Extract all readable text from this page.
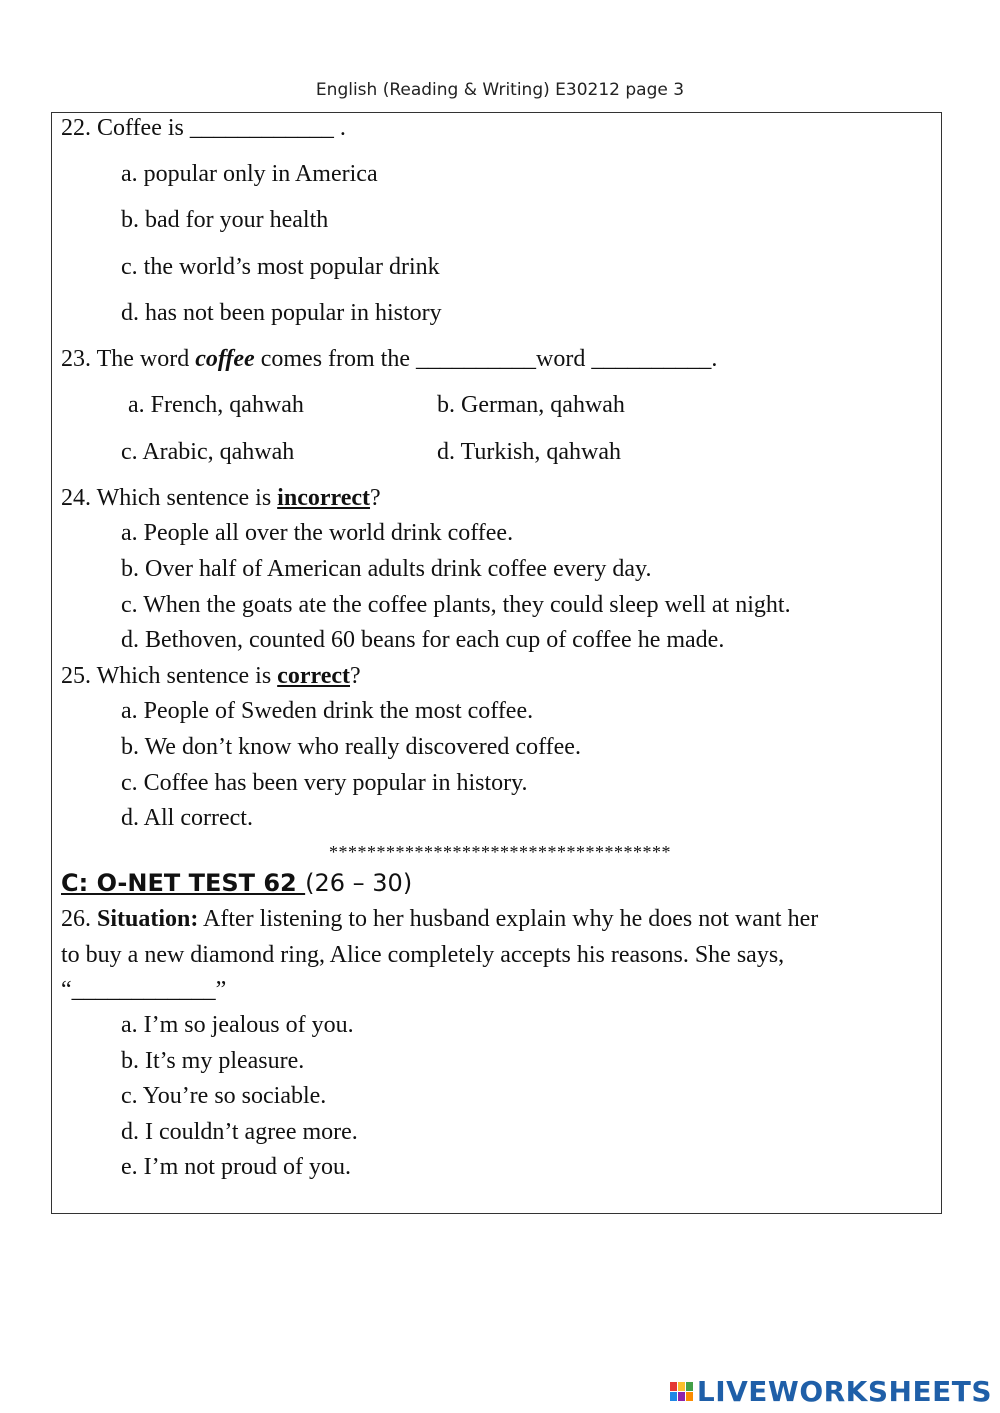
English (Reading & Writing) E30212 page 3
22. Coffee is ____________ .
a. popular only in America
b. bad for your health
c. the world’s most popular drink
d. has not been popular in history
23. The word coffee comes from the __________word __________.
a. French, qahwah	b. German, qahwah
c. Arabic, qahwah	d. Turkish, qahwah
24. Which sentence is incorrect?
a. People all over the world drink coffee.
b. Over half of American adults drink coffee every day.
c. When the goats ate the coffee plants, they could sleep well at night.
d. Bethoven, counted 60 beans for each cup of coffee he made.
25. Which sentence is correct?
a. People of Sweden drink the most coffee.
b. We don’t know who really discovered coffee.
c. Coffee has been very popular in history.
d. All correct.
************************************
C: O-NET TEST 62 (26 – 30)
26. Situation: After listening to her husband explain why he does not want her
to buy a new diamond ring, Alice completely accepts his reasons. She says,
“____________”
a. I’m so jealous of you.
b. It’s my pleasure.
c. You’re so sociable.
d. I couldn’t agree more.
e. I’m not proud of you.
LIVEWORKSHEETS
